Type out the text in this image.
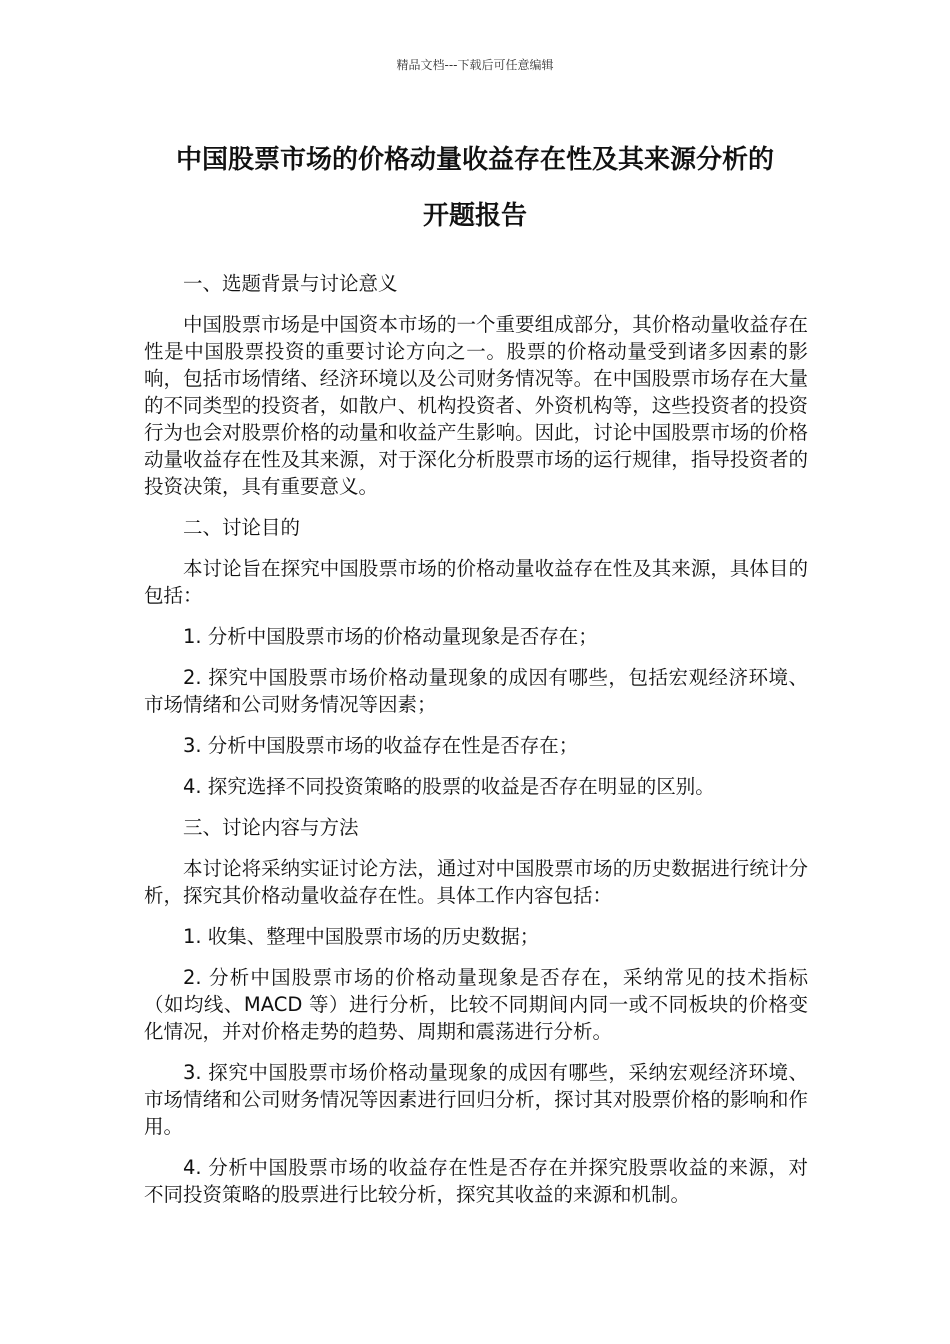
精品文档---下载后可任意编辑
中国股票市场的价格动量收益存在性及其来源分析的
开题报告

一、选题背景与讨论意义

中国股票市场是中国资本市场的一个重要组成部分，其价格动量收益存在性是中国股票投资的重要讨论方向之一。股票的价格动量受到诸多因素的影响，包括市场情绪、经济环境以及公司财务情况等。在中国股票市场存在大量的不同类型的投资者，如散户、机构投资者、外资机构等，这些投资者的投资行为也会对股票价格的动量和收益产生影响。因此，讨论中国股票市场的价格动量收益存在性及其来源，对于深化分析股票市场的运行规律，指导投资者的投资决策，具有重要意义。

二、讨论目的

本讨论旨在探究中国股票市场的价格动量收益存在性及其来源，具体目的包括：

1. 分析中国股票市场的价格动量现象是否存在；

2. 探究中国股票市场价格动量现象的成因有哪些，包括宏观经济环境、市场情绪和公司财务情况等因素；

3. 分析中国股票市场的收益存在性是否存在；

4. 探究选择不同投资策略的股票的收益是否存在明显的区别。

三、讨论内容与方法

本讨论将采纳实证讨论方法，通过对中国股票市场的历史数据进行统计分析，探究其价格动量收益存在性。具体工作内容包括：

1. 收集、整理中国股票市场的历史数据；

2. 分析中国股票市场的价格动量现象是否存在，采纳常见的技术指标（如均线、MACD 等）进行分析，比较不同期间内同一或不同板块的价格变化情况，并对价格走势的趋势、周期和震荡进行分析。

3. 探究中国股票市场价格动量现象的成因有哪些，采纳宏观经济环境、市场情绪和公司财务情况等因素进行回归分析，探讨其对股票价格的影响和作用。

4. 分析中国股票市场的收益存在性是否存在并探究股票收益的来源，对不同投资策略的股票进行比较分析，探究其收益的来源和机制。
